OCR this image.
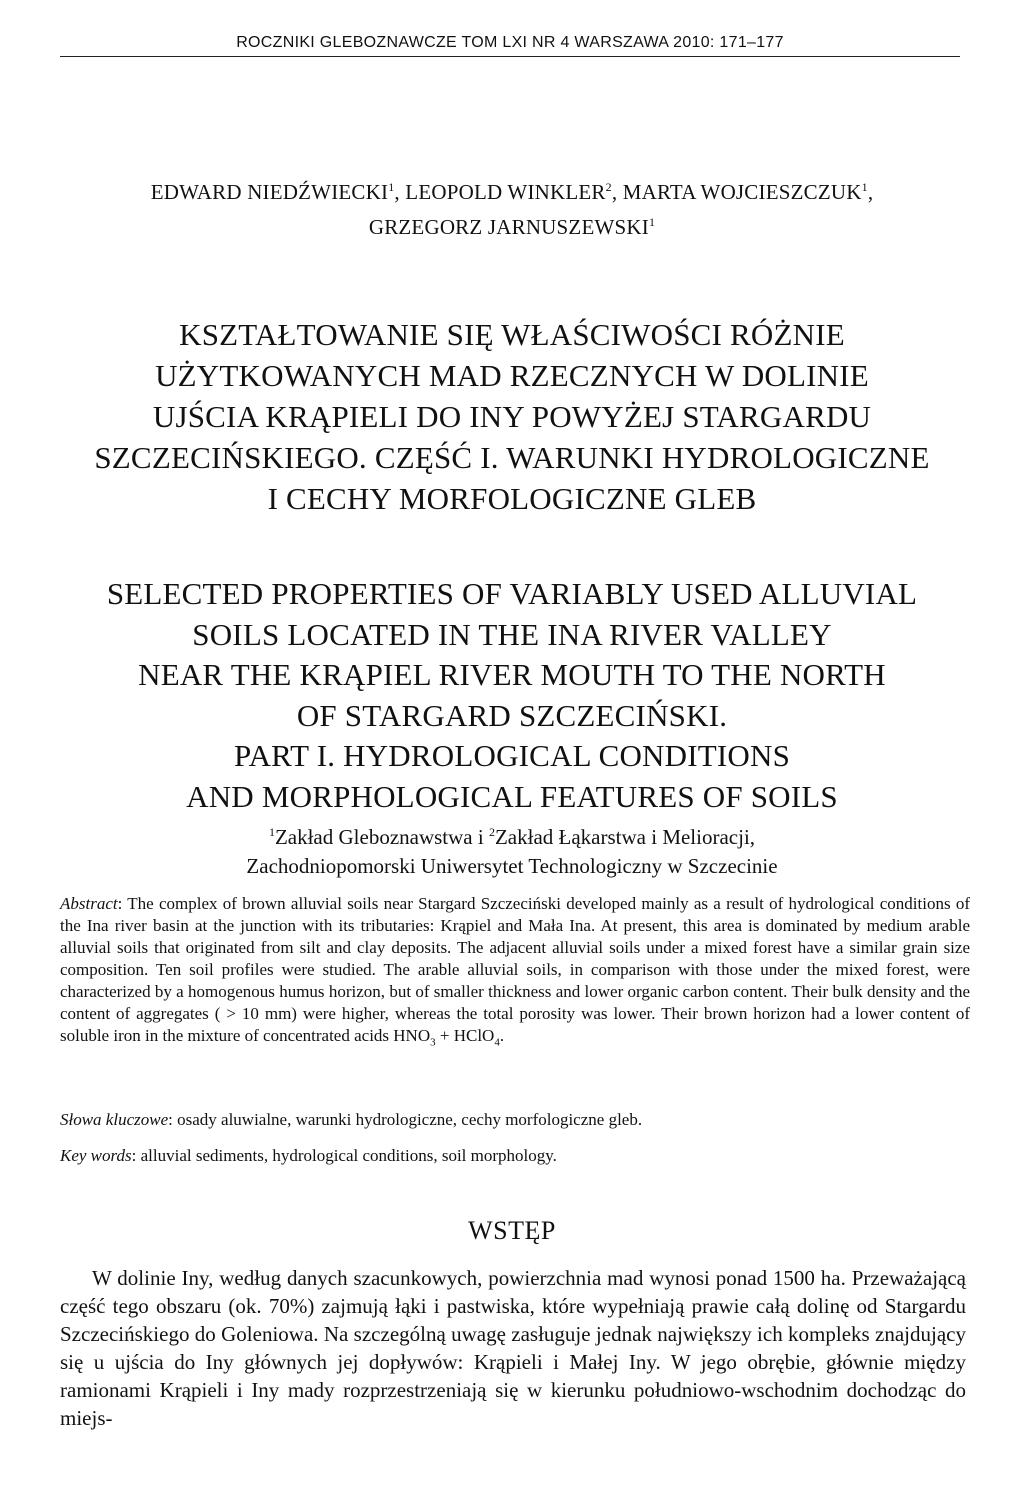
ROCZNIKI GLEBOZNAWCZE TOM LXI NR 4 WARSZAWA 2010: 171–177
EDWARD NIEDŹWIECKI$^1$, LEOPOLD WINKLER$^2$, MARTA WOJCIESZCZUK$^1$,
GRZEGORZ JARNUSZEWSKI$^1$
KSZTAŁTOWANIE SIĘ WŁAŚCIWOŚCI RÓŻNIE
UŻYTKOWANYCH MAD RZECZNYCH W DOLINIE
UJŚCIA KRĄPIELI DO INY POWYŻEJ STARGARDU
SZCZECIŃSKIEGO. CZĘŚĆ I. WARUNKI HYDROLOGICZNE
I CECHY MORFOLOGICZNE GLEB
SELECTED PROPERTIES OF VARIABLY USED ALLUVIAL
SOILS LOCATED IN THE INA RIVER VALLEY
NEAR THE KRĄPIEL RIVER MOUTH TO THE NORTH
OF STARGARD SZCZECIŃSKI.
PART I. HYDROLOGICAL CONDITIONS
AND MORPHOLOGICAL FEATURES OF SOILS
$^1$Zakład Gleboznawstwa i $^2$Zakład Łąkarstwa i Melioracji,
Zachodniopomorski Uniwersytet Technologiczny w Szczecinie
Abstract: The complex of brown alluvial soils near Stargard Szczeciński developed mainly as a result of hydrological conditions of the Ina river basin at the junction with its tributaries: Krąpiel and Mała Ina. At present, this area is dominated by medium arable alluvial soils that originated from silt and clay deposits. The adjacent alluvial soils under a mixed forest have a similar grain size composition. Ten soil profiles were studied. The arable alluvial soils, in comparison with those under the mixed forest, were characterized by a homogenous humus horizon, but of smaller thickness and lower organic carbon content. Their bulk density and the content of aggregates ( > 10 mm) were higher, whereas the total porosity was lower. Their brown horizon had a lower content of soluble iron in the mixture of concentrated acids $HNO_3$ + HClO$_4$.
Słowa kluczowe: osady aluwialne, warunki hydrologiczne, cechy morfologiczne gleb.
Key words: alluvial sediments, hydrological conditions, soil morphology.
WSTĘP

W dolinie Iny, według danych szacunkowych, powierzchnia mad wynosi ponad 1500 ha. Przeważającą część tego obszaru (ok. 70%) zajmują łąki i pastwiska, które wypełniają prawie całą dolinę od Stargardu Szczecińskiego do Goleniowa. Na szczególną uwagę zasługuje jednak największy ich kompleks znajdujący się u ujścia do Iny głównych jej dopływów: Krąpieli i Małej Iny. W jego obrębie, głównie między ramionami Krąpieli i Iny mady rozprzestrzeniają się w kierunku południowo-wschodnim dochodząc do miejs-
